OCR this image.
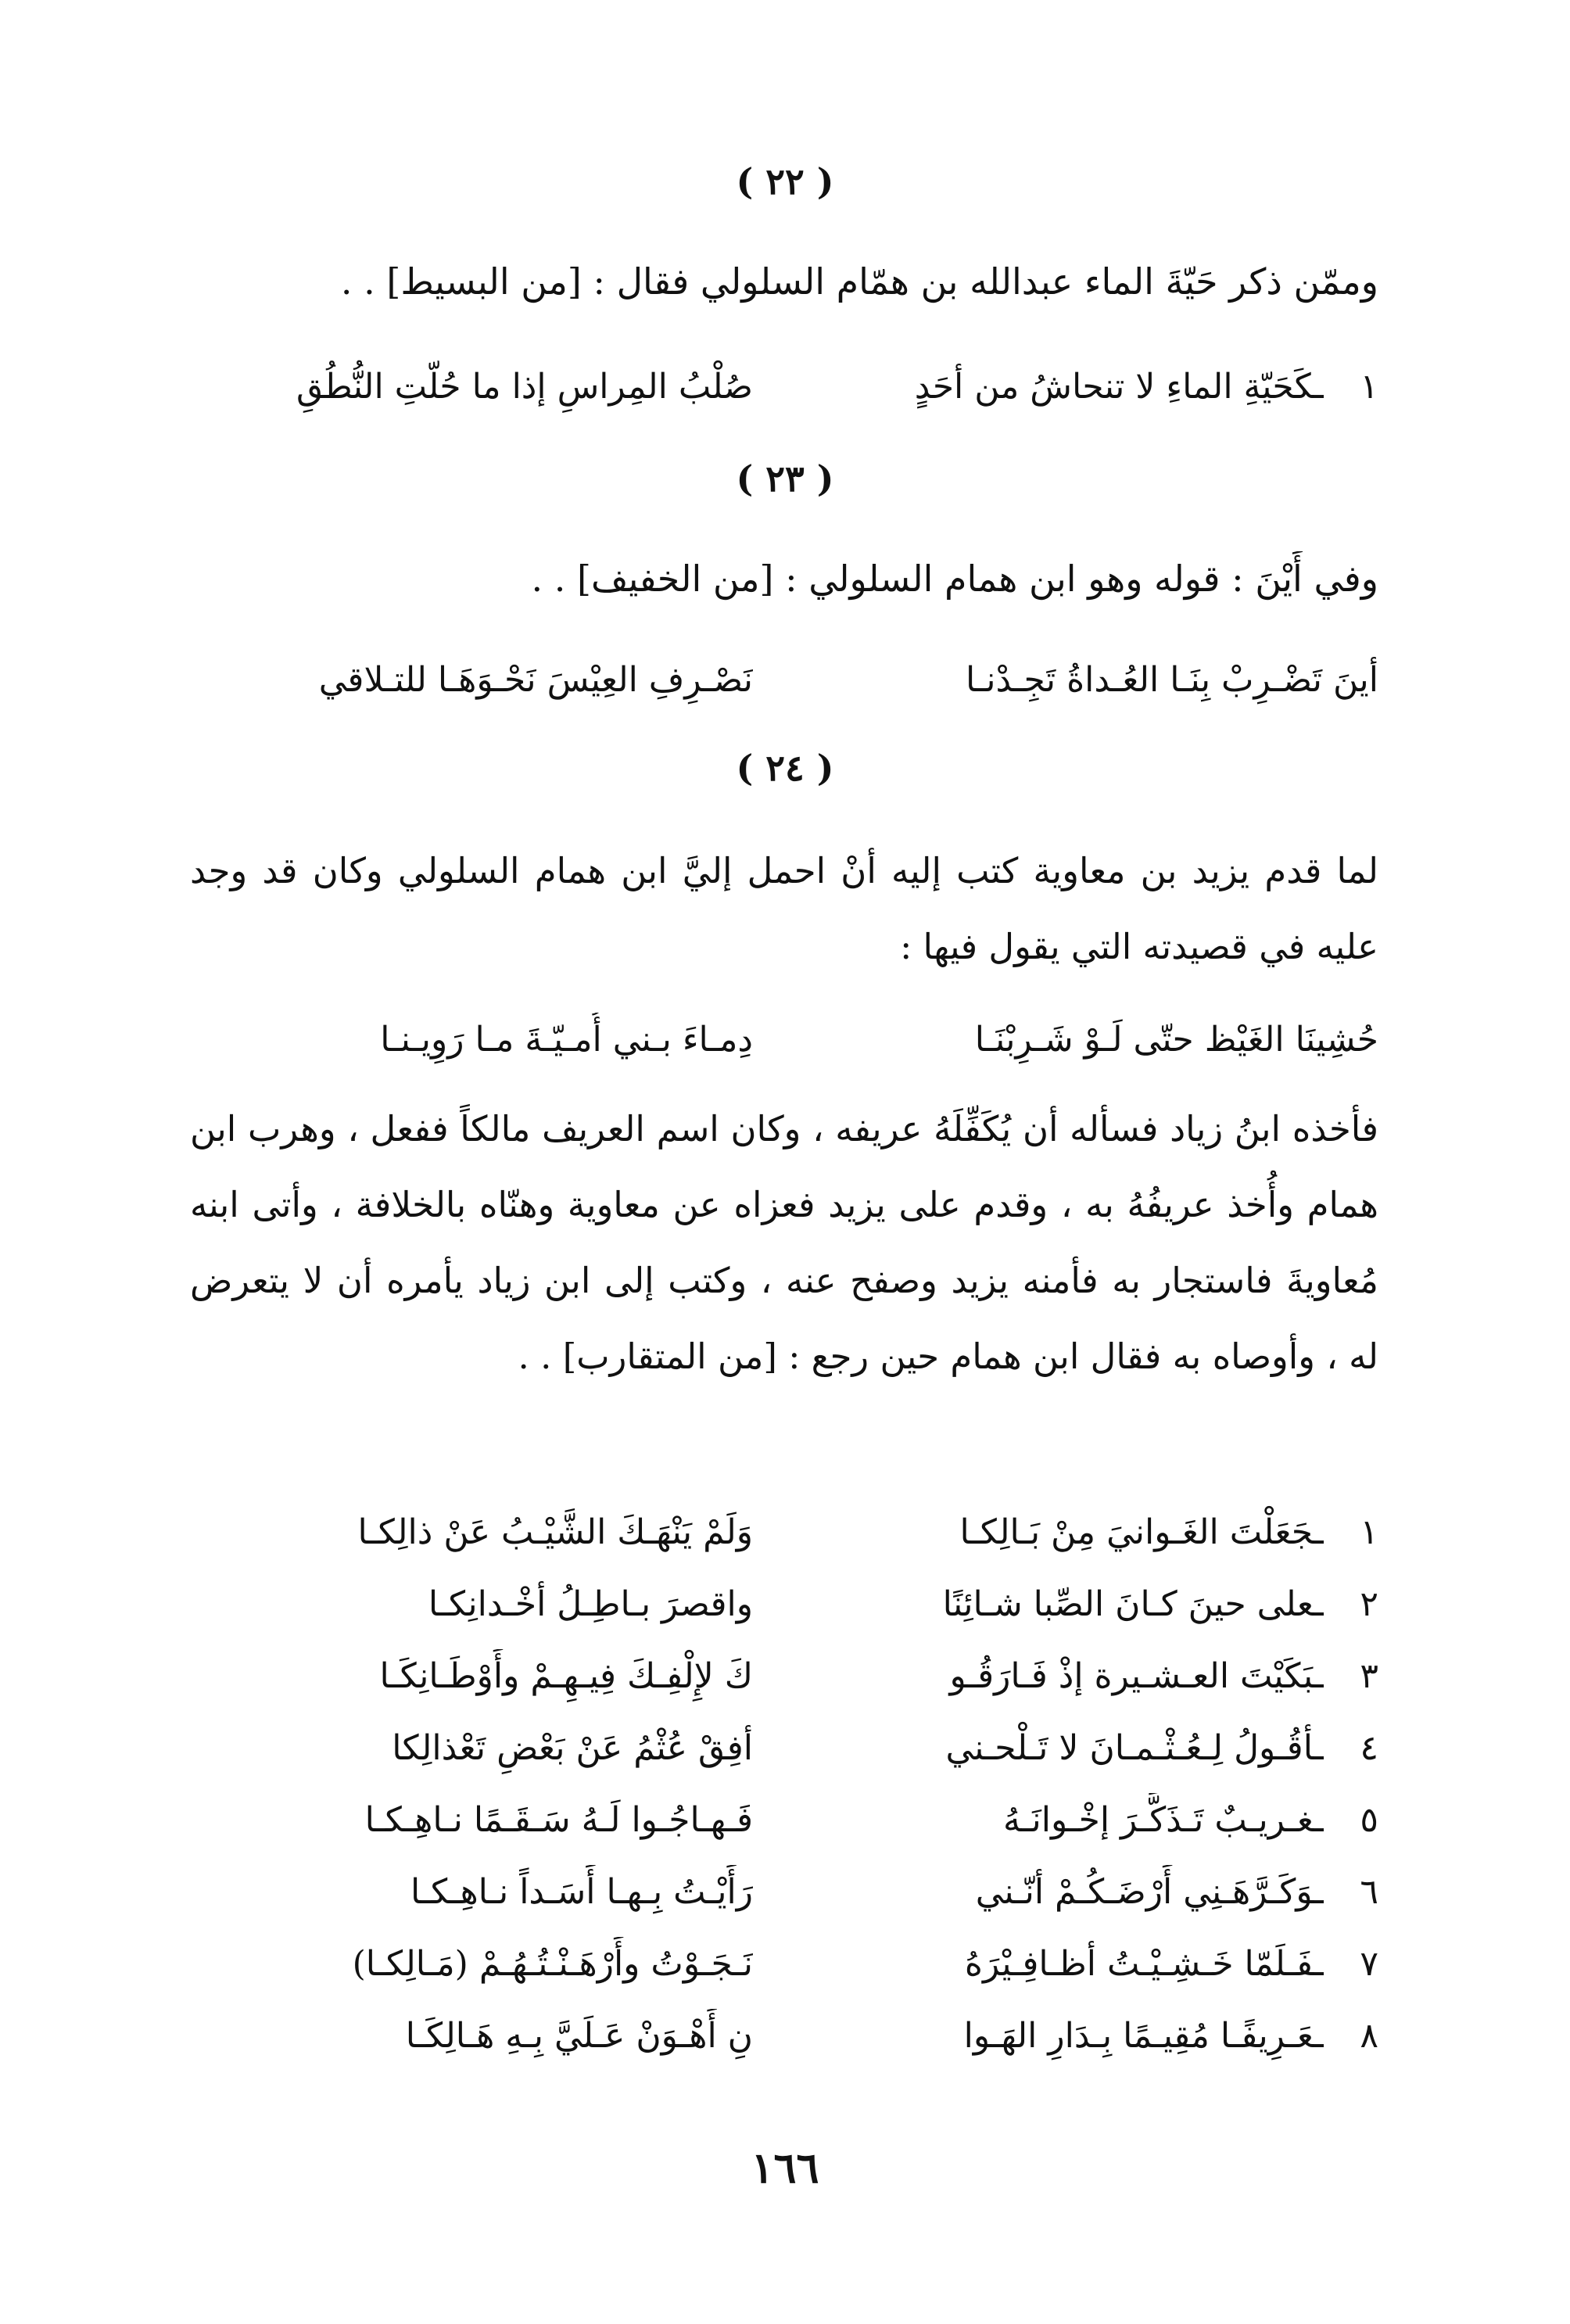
( ٢٢ )
وممّن ذكر حَيّةَ الماء عبدالله بن همّام السلولي فقال : [من البسيط] . .
١
ـكَحَيّةِ الماءِ لا تنحاشُ من أحَدٍ
صُلْبُ المِراسِ إذا ما حُلّتِ النُّطُقِ
( ٢٣ )
وفي أَيْنَ : قوله وهو ابن همام السلولي : [من الخفيف] . .
أينَ تَضْـرِبْ بِنَـا العُـداةُ تَجِـدْنـا
نَصْـرِفِ العِيْسَ نَحْـوَهَـا للتـلاقي
( ٢٤ )
لما قدم يزيد بن معاوية كتب إليه أنْ احمل إليَّ ابن همام السلولي وكان قد وجد عليه في قصيدته التي يقول فيها :
حُشِينَا الغَيْظ حتّى لَـوْ شَـرِبْنَـا
دِمـاءَ بـني أُمـيّـةَ مـا رَوِيـنـا
فأخذه ابنُ زياد فسأله أن يُكَفِّلَهُ عريفه ، وكان اسم العريف مالكاً ففعل ، وهرب ابن همام وأُخذ عريفُهُ به ، وقدم على يزيد فعزاه عن معاوية وهنّاه بالخلافة ، وأتى ابنه مُعاويةَ فاستجار به فأمنه يزيد وصفح عنه ، وكتب إلى ابن زياد يأمره أن لا يتعرض له ، وأوصاه به فقال ابن همام حين رجع : [من المتقارب] . .
١
ـجَعَلْتَ الغَـوانيَ مِنْ بَـالِكـا
وَلَمْ يَنْهَـكَ الشَّيْـبُ عَنْ ذالِكـا
٢
ـعلى حينَ كـانَ الصِّبا شـائِنًا
واقصرَ بـاطِـلُ أخْـدانِكـا
٣
ـبَكَيْتَ العـشـيرة إذْ فَـارَقُـو
كَ لإِلْفِـكَ فِيـهِـمْ وأَوْطَـانِكَـا
٤
ـأقُـولُ لِـعُـثْـمـانَ لا تَـلْحـني
أفِقْ عُثْمُ عَنْ بَعْضِ تَعْذالِكا
٥
ـغـريـبٌ تَـذَكَّـرَ إخْـوانَـهُ
فَـهـاجُـوا لَـهُ سَـقَـمًا نـاهِـكـا
٦
ـوَكَـرَّهَـنِي أَرْضَـكُـمْ أنّـني
رَأَيْـتُ بِـهـا أَسَـداً نـاهِـكـا
٧
ـفَـلَمّا خَـشِـيْـتُ أظـافِـيْرَهُ
نَـجَـوْتُ وأَرْهَـنْـتُـهُـمْ (مَـالِكـا)
٨
ـعَـرِيفًـا مُقِيـمًا بِـدَارِ الهَـوا
نِ أَهْـوَنْ عَـلَيَّ بِـهِ هَـالِكَـا
١٦٦
